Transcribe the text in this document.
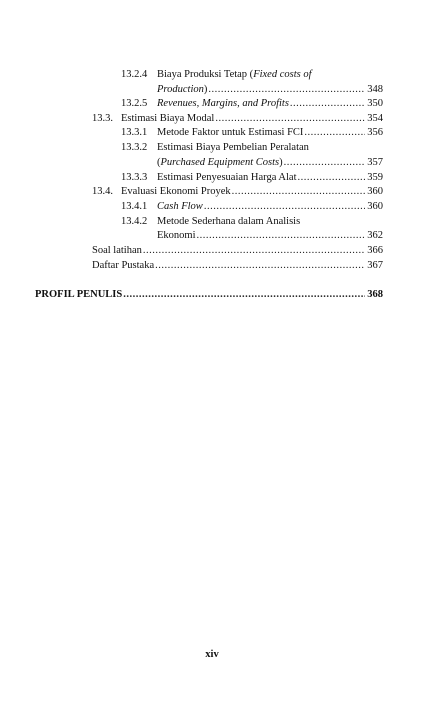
13.2.4 Biaya Produksi Tetap ( Fixed costs of
Production ) .....	348
13.2.5 Revenues, Margins, and Profits .....	350
13.3. Estimasi Biaya Modal .....	354
13.3.1 Metode Faktor untuk Estimasi FCI .....	356
13.3.2 Estimasi Biaya Pembelian Peralatan
( Purchased Equipment Costs ) .....	357
13.3.3 Estimasi Penyesuaian Harga Alat .....	359
13.4. Evaluasi Ekonomi Proyek .....	360
13.4.1 Cash Flow .....	360
13.4.2 Metode Sederhana dalam Analisis
Ekonomi .....	362
Soal latihan .....	366
Daftar Pustaka .....	367
PROFIL PENULIS .....	368
xiv
